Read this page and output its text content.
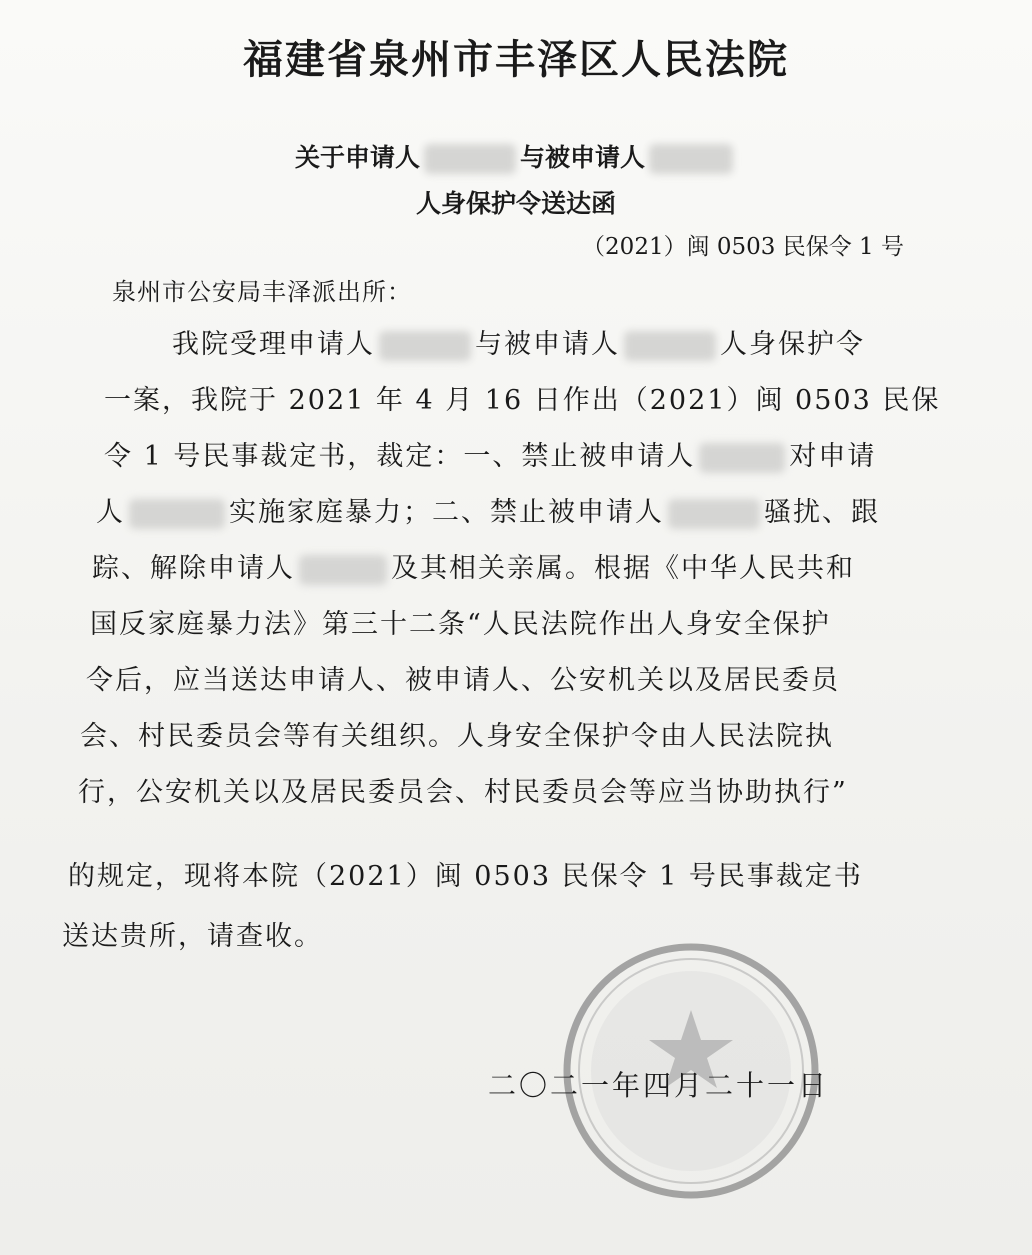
福建省泉州市丰泽区人民法院
关于申请人	与被申请人
人身保护令送达函
（2021）闽 0503 民保令 1 号
泉州市公安局丰泽派出所：
我院受理申请人	与被申请人	人身保护令
一案，我院于 2021 年 4 月 16 日作出（2021）闽 0503 民保
令 1 号民事裁定书，裁定：一、禁止被申请人	对申请
人	实施家庭暴力；二、禁止被申请人	骚扰、跟
踪、解除申请人	及其相关亲属。根据《中华人民共和
国反家庭暴力法》第三十二条“人民法院作出人身安全保护
令后，应当送达申请人、被申请人、公安机关以及居民委员
会、村民委员会等有关组织。人身安全保护令由人民法院执
行，公安机关以及居民委员会、村民委员会等应当协助执行”
的规定，现将本院（2021）闽 0503 民保令 1 号民事裁定书
送达贵所，请查收。
二〇二一年四月二十一日
